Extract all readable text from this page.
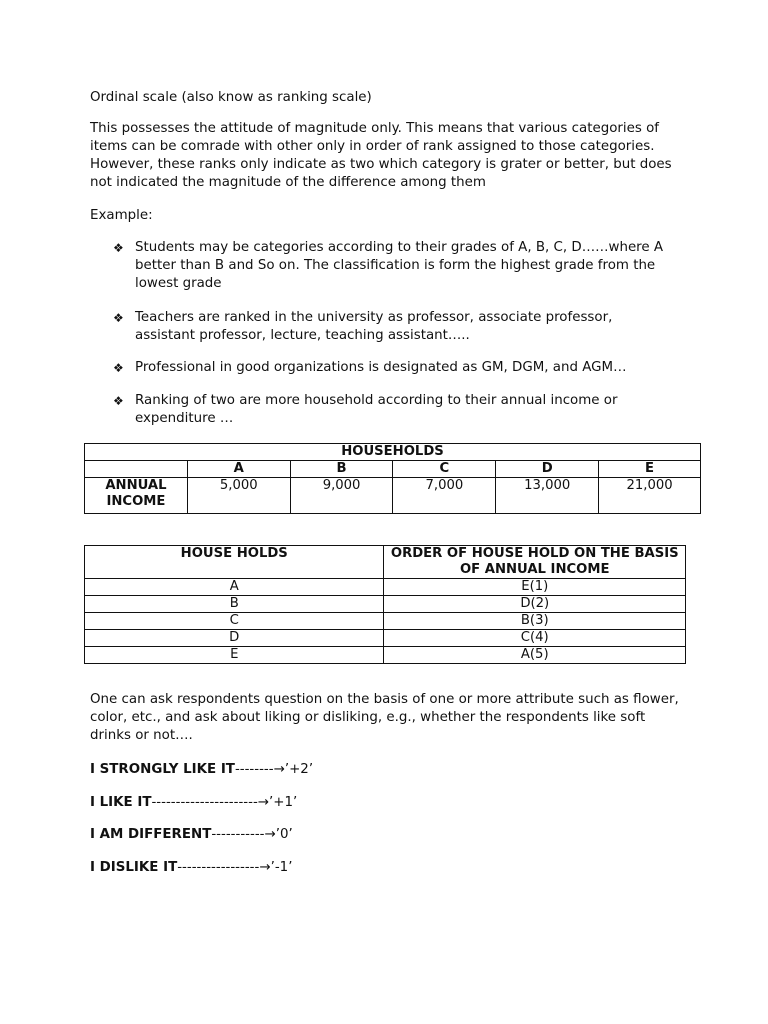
Ordinal scale (also know as ranking scale)

This possesses the attitude of magnitude only. This means that various categories of items can be comrade with other only in order of rank assigned to those categories. However, these ranks only indicate as two which category is grater or better, but does not indicated the magnitude of the difference among them

Example:

❖ Students may be categories according to their grades of A, B, C, D……where A better than B and So on. The classification is form the highest grade from the lowest grade
❖ Teachers are ranked in the university as professor, associate professor, assistant professor, lecture, teaching assistant…..
❖ Professional in good organizations is designated as GM, DGM, and AGM…
❖ Ranking of two are more household according to their annual income or expenditure …
HOUSEHOLDS					
	A	B	C	D	E
ANNUAL INCOME	5,000	9,000	7,000	13,000	21,000
HOUSE HOLDS	ORDER OF HOUSE HOLD ON THE BASIS OF ANNUAL INCOME
A	E(1)
B	D(2)
C	B(3)
D	C(4)
E	A(5)

One can ask respondents question on the basis of one or more attribute such as flower, color, etc., and ask about liking or disliking, e.g., whether the respondents like soft drinks or not….

I STRONGLY LIKE IT--------→’+2’
I LIKE IT----------------------→’+1’
I AM DIFFERENT-----------→’0’
I DISLIKE IT-----------------→’-1’
